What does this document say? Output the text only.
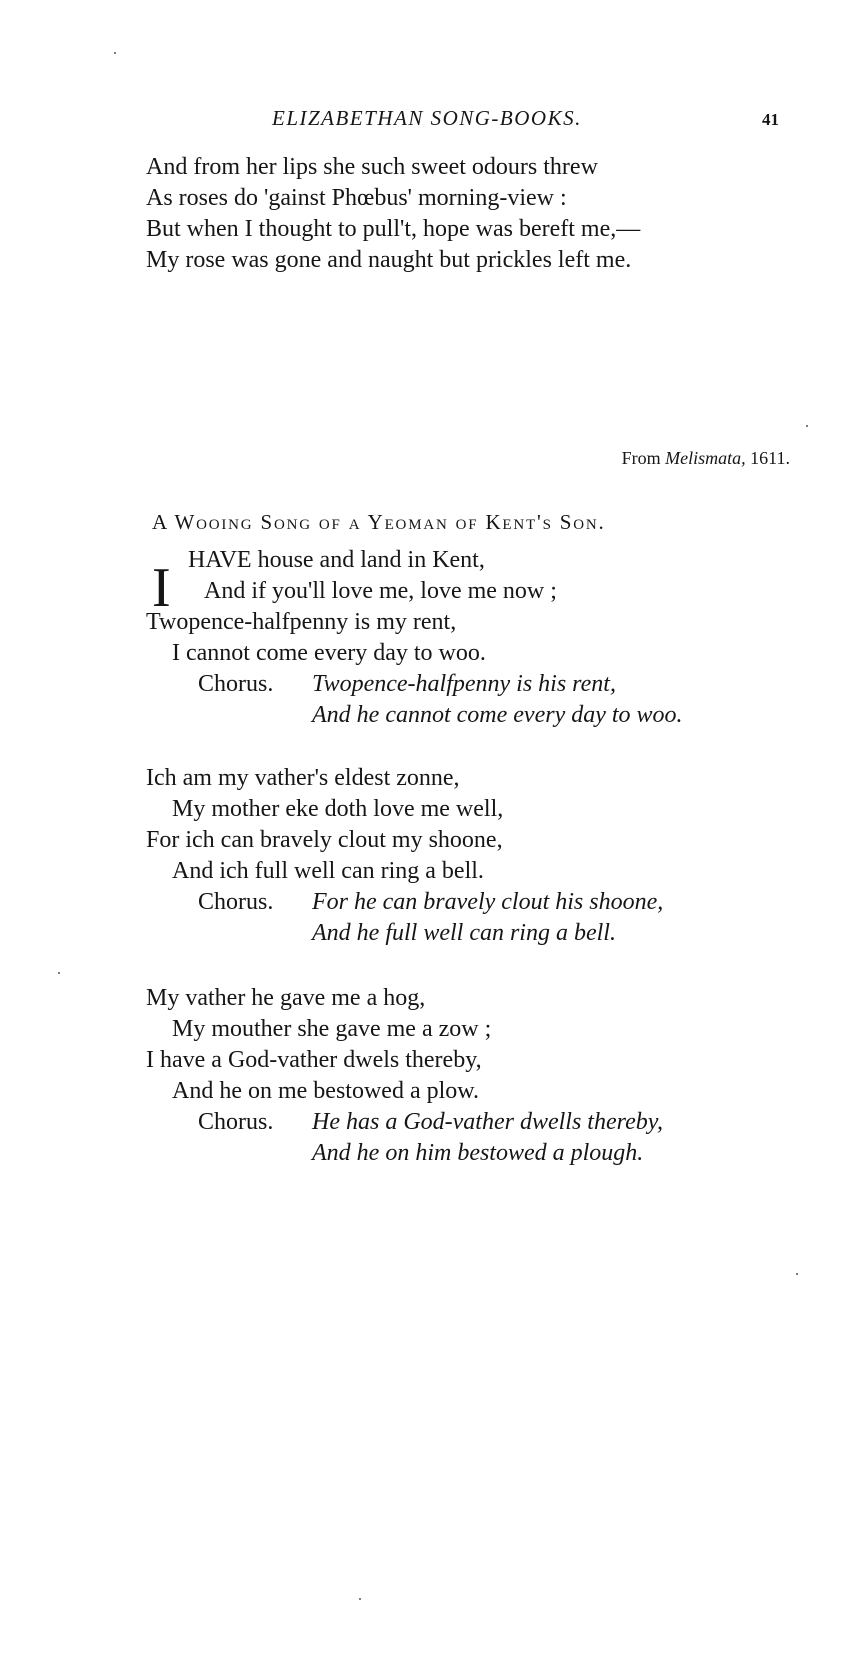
ELIZABETHAN SONG-BOOKS.	41
And from her lips she such sweet odours threw
As roses do 'gainst Phœbus' morning-view :
But when I thought to pull't, hope was bereft me,—
My rose was gone and naught but prickles left me.
From Melismata, 1611.
A Wooing Song of a Yeoman of Kent's Son.
I HAVE house and land in Kent,
And if you'll love me, love me now ;
Twopence-halfpenny is my rent,
I cannot come every day to woo.
Chorus. Twopence-halfpenny is his rent,
And he cannot come every day to woo.
Ich am my vather's eldest zonne,
My mother eke doth love me well,
For ich can bravely clout my shoone,
And ich full well can ring a bell.
Chorus. For he can bravely clout his shoone,
And he full well can ring a bell.
My vather he gave me a hog,
My mouther she gave me a zow ;
I have a God-vather dwels thereby,
And he on me bestowed a plow.
Chorus. He has a God-vather dwells thereby,
And he on him bestowed a plough.
